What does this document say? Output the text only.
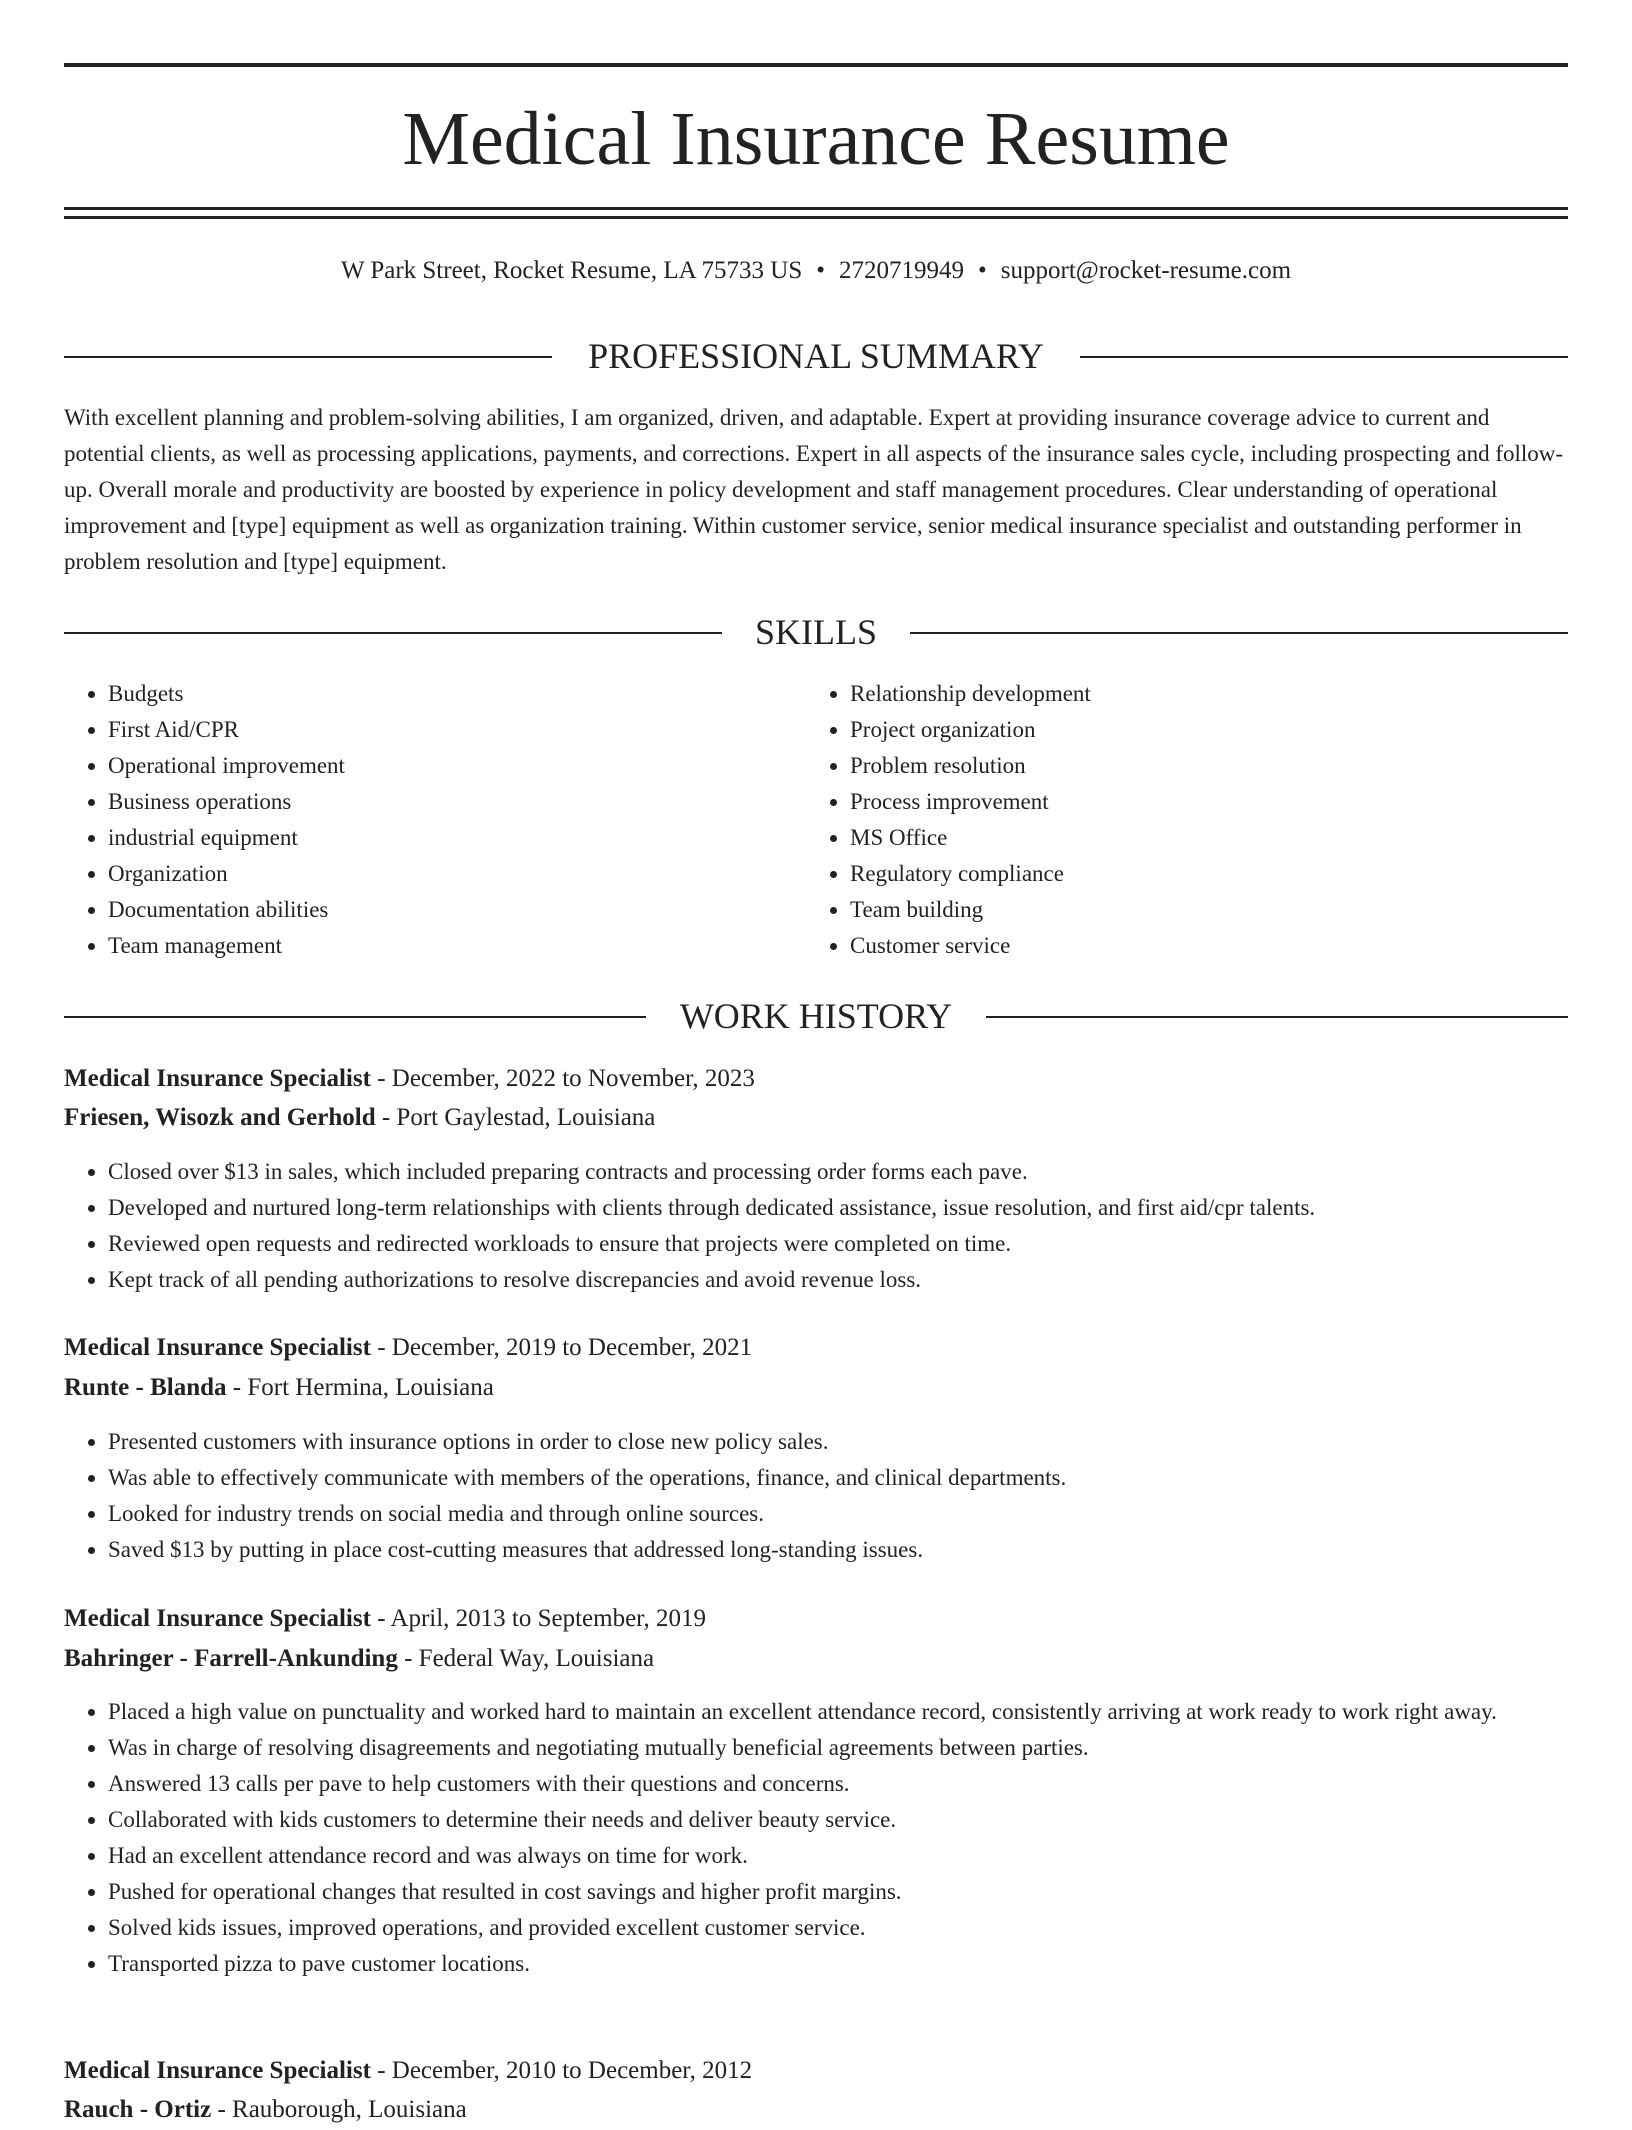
Medical Insurance Resume
W Park Street, Rocket Resume, LA 75733 US • 2720719949 • support@rocket-resume.com
PROFESSIONAL SUMMARY

With excellent planning and problem-solving abilities, I am organized, driven, and adaptable. Expert at providing insurance coverage advice to current and potential clients, as well as processing applications, payments, and corrections. Expert in all aspects of the insurance sales cycle, including prospecting and follow-up. Overall morale and productivity are boosted by experience in policy development and staff management procedures. Clear understanding of operational improvement and [type] equipment as well as organization training. Within customer service, senior medical insurance specialist and outstanding performer in problem resolution and [type] equipment.

SKILLS
• Budgets
• First Aid/CPR
• Operational improvement
• Business operations
• industrial equipment
• Organization
• Documentation abilities
• Team management
• Relationship development
• Project organization
• Problem resolution
• Process improvement
• MS Office
• Regulatory compliance
• Team building
• Customer service
WORK HISTORY
Medical Insurance Specialist - December, 2022 to November, 2023
Friesen, Wisozk and Gerhold - Port Gaylestad, Louisiana
• Closed over $13 in sales, which included preparing contracts and processing order forms each pave.
• Developed and nurtured long-term relationships with clients through dedicated assistance, issue resolution, and first aid/cpr talents.
• Reviewed open requests and redirected workloads to ensure that projects were completed on time.
• Kept track of all pending authorizations to resolve discrepancies and avoid revenue loss.
Medical Insurance Specialist - December, 2019 to December, 2021
Runte - Blanda - Fort Hermina, Louisiana
• Presented customers with insurance options in order to close new policy sales.
• Was able to effectively communicate with members of the operations, finance, and clinical departments.
• Looked for industry trends on social media and through online sources.
• Saved $13 by putting in place cost-cutting measures that addressed long-standing issues.
Medical Insurance Specialist - April, 2013 to September, 2019
Bahringer - Farrell-Ankunding - Federal Way, Louisiana
• Placed a high value on punctuality and worked hard to maintain an excellent attendance record, consistently arriving at work ready to work right away.
• Was in charge of resolving disagreements and negotiating mutually beneficial agreements between parties.
• Answered 13 calls per pave to help customers with their questions and concerns.
• Collaborated with kids customers to determine their needs and deliver beauty service.
• Had an excellent attendance record and was always on time for work.
• Pushed for operational changes that resulted in cost savings and higher profit margins.
• Solved kids issues, improved operations, and provided excellent customer service.
• Transported pizza to pave customer locations.
Medical Insurance Specialist - December, 2010 to December, 2012
Rauch - Ortiz - Rauborough, Louisiana
